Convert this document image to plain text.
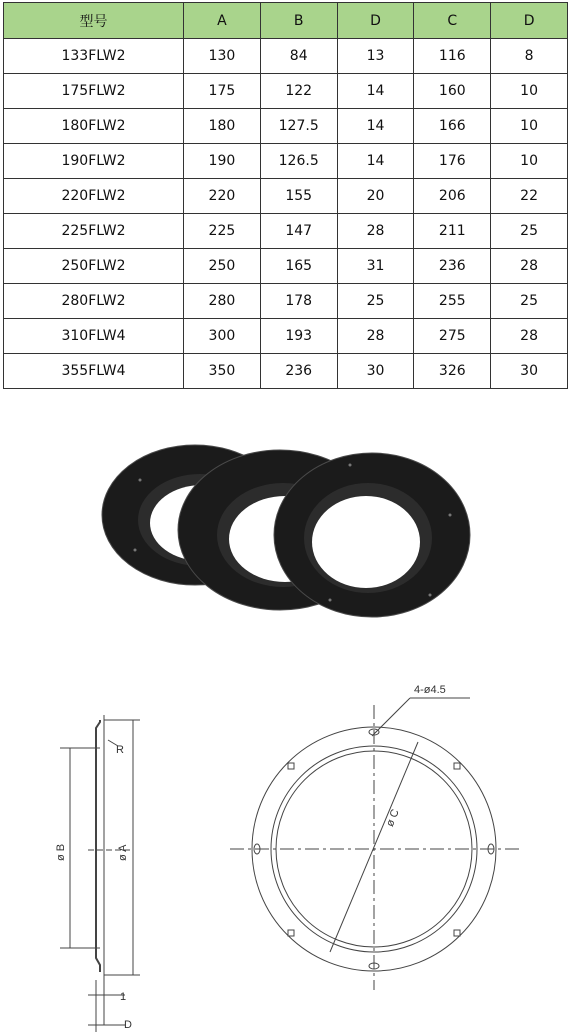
型号	A	B	D	C	D
133FLW2	130	84	13	116	8
175FLW2	175	122	14	160	10
180FLW2	180	127.5	14	166	10
190FLW2	190	126.5	14	176	10
220FLW2	220	155	20	206	22
225FLW2	225	147	28	211	25
250FLW2	250	165	31	236	28
280FLW2	280	178	25	255	25
310FLW4	300	193	28	275	28
355FLW4	350	236	30	326	30
R
ø B	ø A
1
D
4-ø4.5
ø C
